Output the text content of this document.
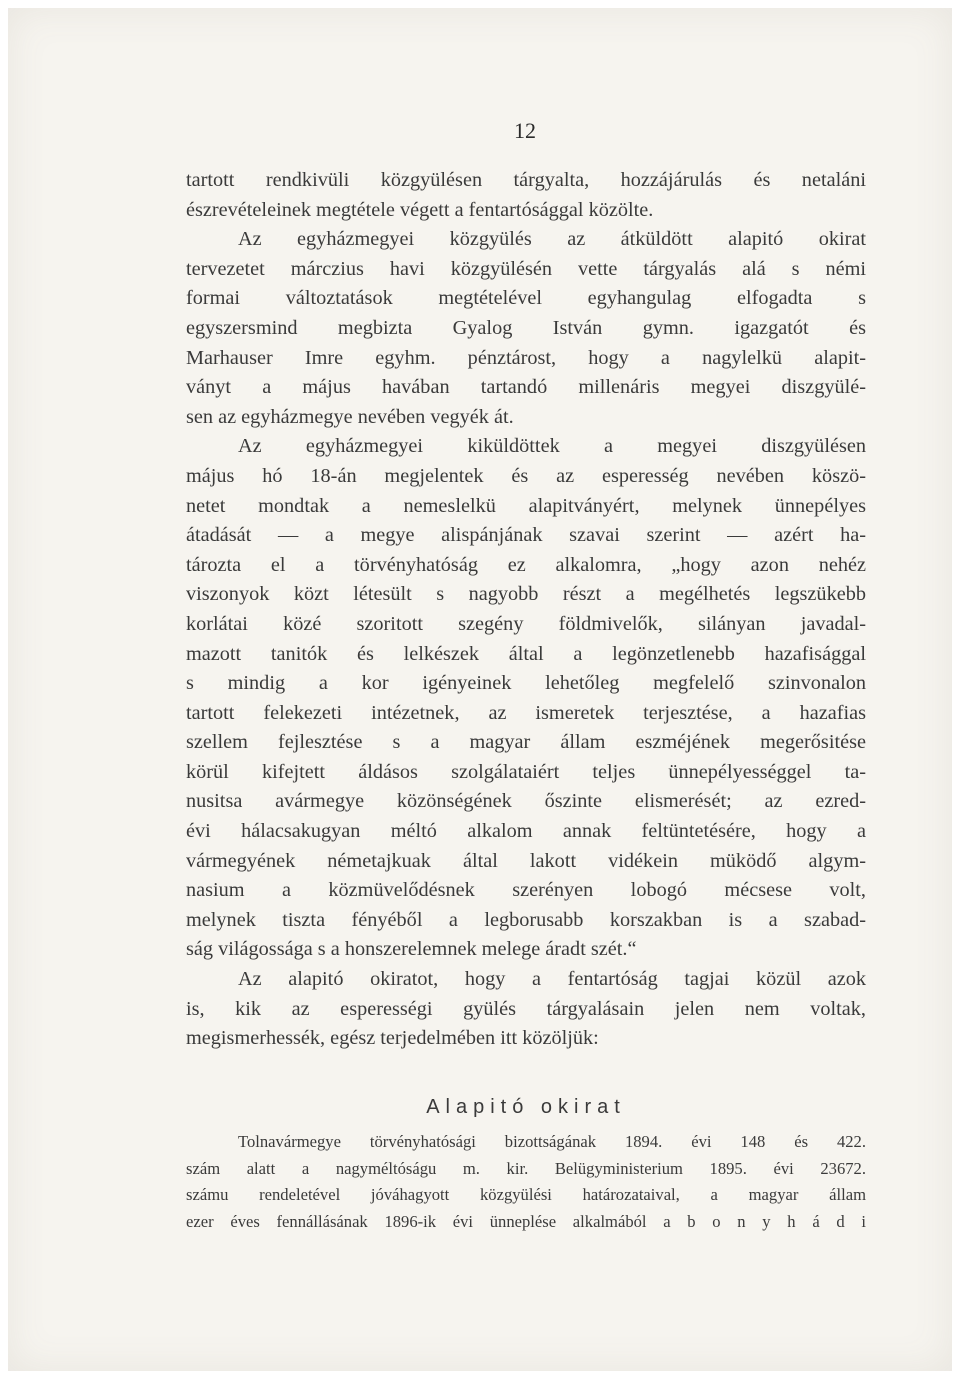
12
tartott rendkivüli közgyülésen tárgyalta, hozzájárulás és netaláni
észrevételeinek megtétele végett a fentartósággal közölte.
Az egyházmegyei közgyülés az átküldött alapitó okirat
tervezetet márczius havi közgyülésén vette tárgyalás alá s némi
formai változtatások megtételével egyhangulag elfogadta s
egyszersmind megbizta Gyalog István gymn. igazgatót és
Marhauser Imre egyhm. pénztárost, hogy a nagylelkü alapit-
ványt a május havában tartandó millenáris megyei diszgyülé-
sen az egyházmegye nevében vegyék át.
Az egyházmegyei kiküldöttek a megyei diszgyülésen
május hó 18-án megjelentek és az esperesség nevében köszö-
netet mondtak a nemeslelkü alapitványért, melynek ünnepélyes
átadását — a megye alispánjának szavai szerint — azért ha-
tározta el a törvényhatóság ez alkalomra, „hogy azon nehéz
viszonyok közt létesült s nagyobb részt a megélhetés legszükebb
korlátai közé szoritott szegény földmivelők, silányan javadal-
mazott tanitók és lelkészek által a legönzetlenebb hazafisággal
s mindig a kor igényeinek lehetőleg megfelelő szinvonalon
tartott felekezeti intézetnek, az ismeretek terjesztése, a hazafias
szellem fejlesztése s a magyar állam eszméjének megerősitése
körül kifejtett áldásos szolgálataiért teljes ünnepélyességgel ta-
nusitsa avármegye közönségének őszinte elismerését; az ezred-
évi hálacsakugyan méltó alkalom annak feltüntetésére, hogy a
vármegyének németajkuak által lakott vidékein müködő algym-
nasium a közmüvelődésnek szerényen lobogó mécsese volt,
melynek tiszta fényéből a legborusabb korszakban is a szabad-
ság világossága s a honszerelemnek melege áradt szét.“
Az alapitó okiratot, hogy a fentartóság tagjai közül azok
is, kik az esperességi gyülés tárgyalásain jelen nem voltak,
megismerhessék, egész terjedelmében itt közöljük:
Alapitó okirat
Tolnavármegye törvényhatósági bizottságának 1894. évi 148 és 422.
szám alatt a nagyméltóságu m. kir. Belügyministerium 1895. évi 23672.
számu rendeletével jóváhagyott közgyülési határozataival, a magyar állam
ezer éves fennállásának 1896-ik évi ünneplése alkalmából a b o n y h á d i
